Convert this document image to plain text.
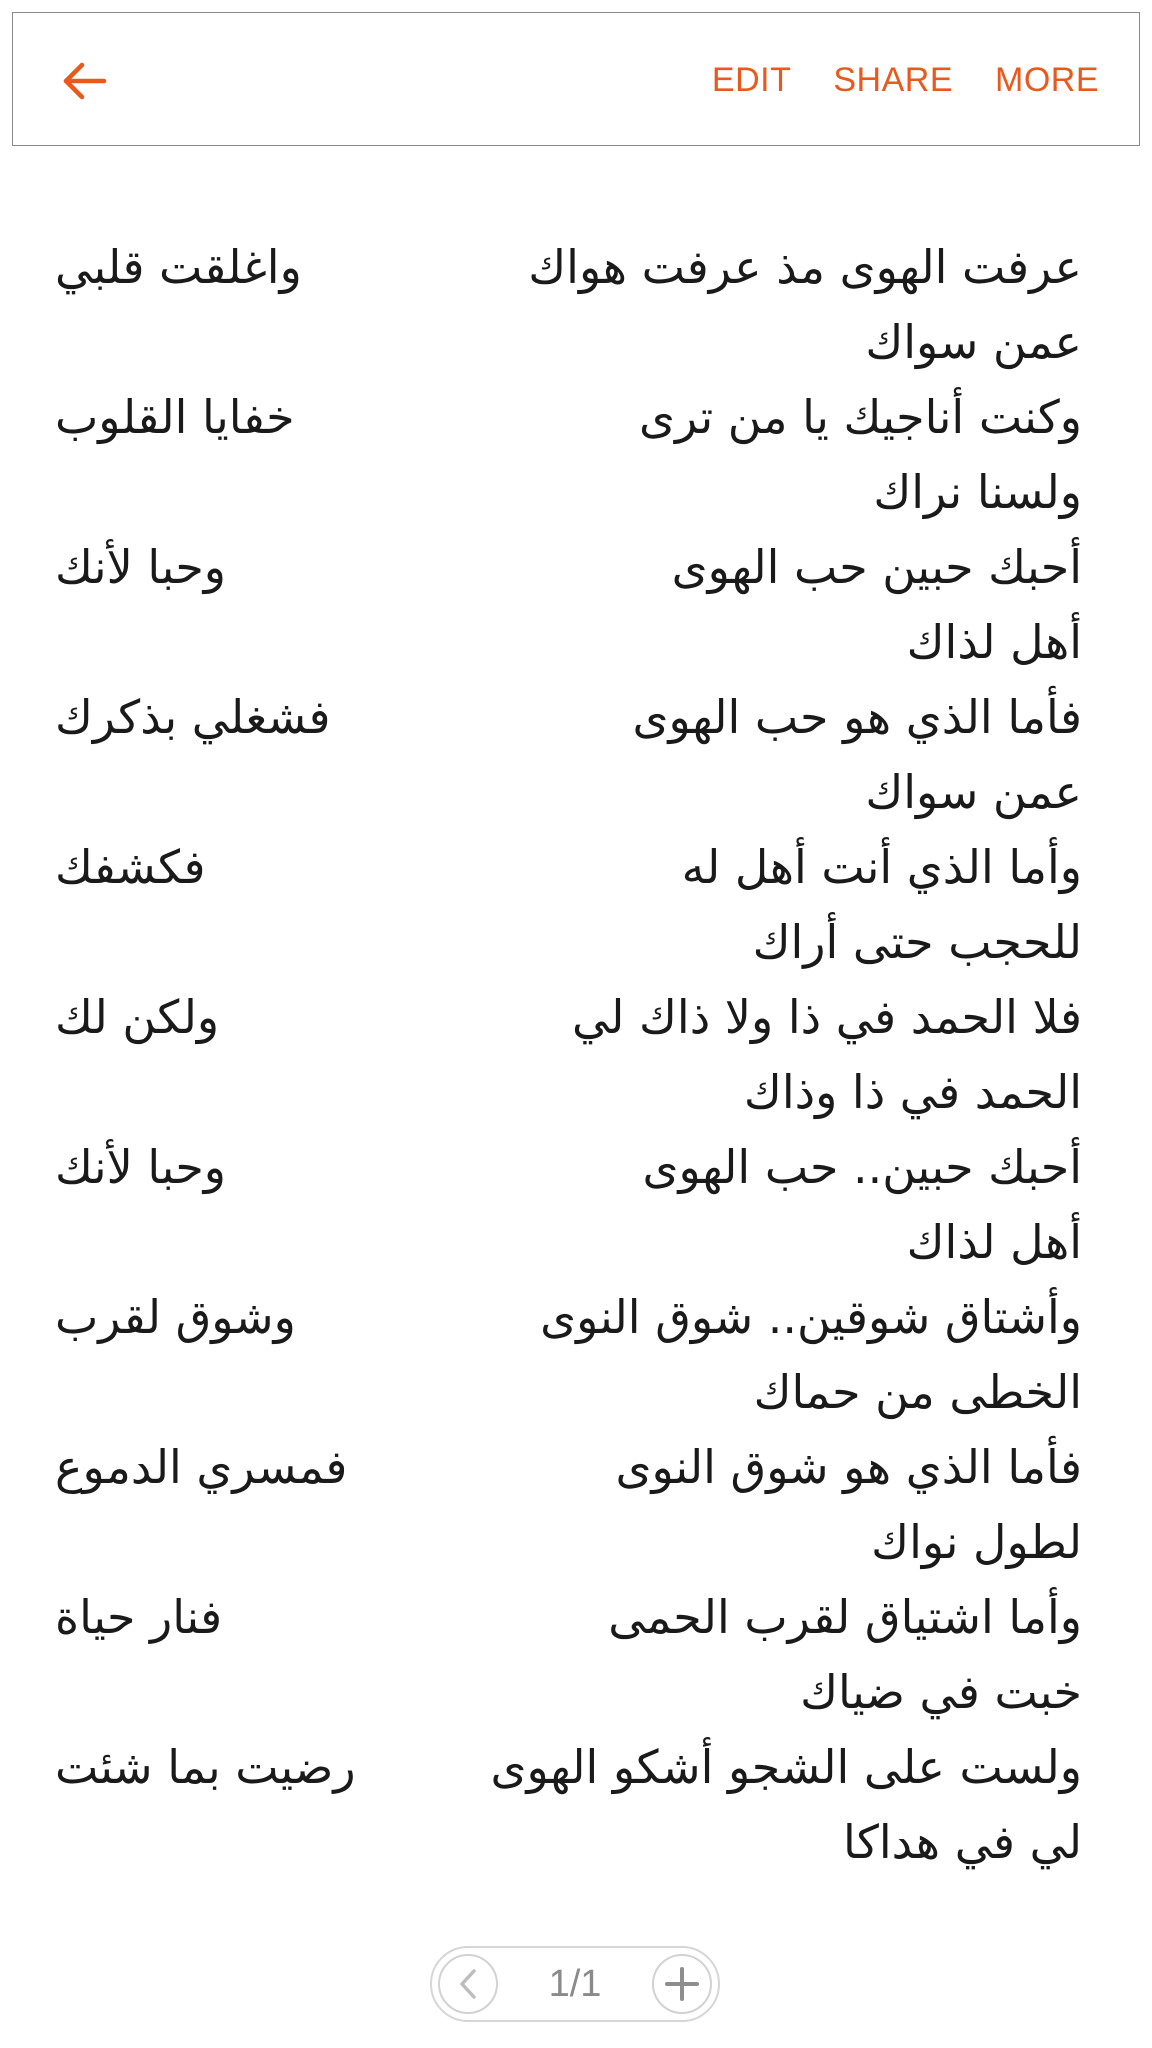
EDIT SHARE MORE
عرفت الهوى مذ عرفت هواك
واغلقت قلبي
عمن سواك
وكنت أناجيك يا من ترى
خفايا القلوب
ولسنا نراك
أحبك حبين حب الهوى
وحبا لأنك
أهل لذاك
فأما الذي هو حب الهوى
فشغلي بذكرك
عمن سواك
وأما الذي أنت أهل له
فكشفك
للحجب حتى أراك
فلا الحمد في ذا ولا ذاك لي
ولكن لك
الحمد في ذا وذاك
أحبك حبين.. حب الهوى
وحبا لأنك
أهل لذاك
وأشتاق شوقين.. شوق النوى
وشوق لقرب
الخطى من حماك
فأما الذي هو شوق النوى
فمسري الدموع
لطول نواك
وأما اشتياق لقرب الحمى
فنار حياة
خبت في ضياك
ولست على الشجو أشكو الهوى
رضيت بما شئت
لي في هداكا
1/1
